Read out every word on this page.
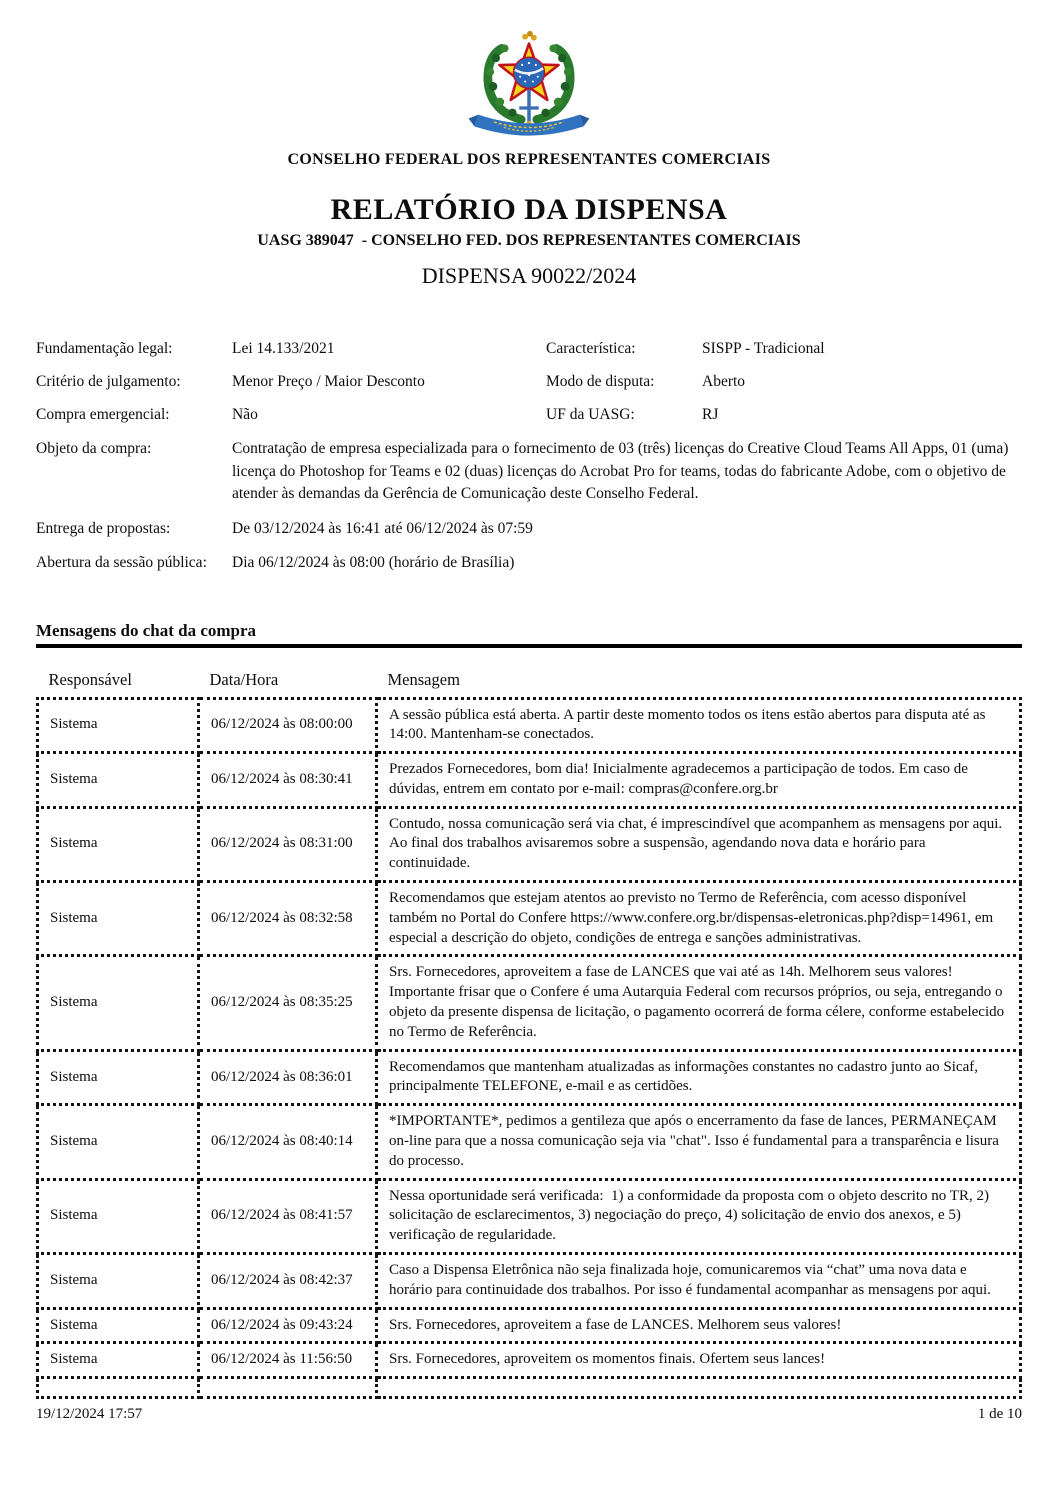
CONSELHO FEDERAL DOS REPRESENTANTES COMERCIAIS
RELATÓRIO DA DISPENSA
UASG 389047  - CONSELHO FED. DOS REPRESENTANTES COMERCIAIS
DISPENSA 90022/2024
Fundamentação legal:	Lei 14.133/2021	Característica:	SISPP - Tradicional
Critério de julgamento:	Menor Preço / Maior Desconto	Modo de disputa:	Aberto
Compra emergencial:	Não	UF da UASG:	RJ
Objeto da compra:	Contratação de empresa especializada para o fornecimento de 03 (três) licenças do Creative Cloud Teams All Apps, 01 (uma) licença do Photoshop for Teams e 02 (duas) licenças do Acrobat Pro for teams, todas do fabricante Adobe, com o objetivo de atender às demandas da Gerência de Comunicação deste Conselho Federal.
Entrega de propostas:	De 03/12/2024 às 16:41 até 06/12/2024 às 07:59
Abertura da sessão pública:	Dia 06/12/2024 às 08:00 (horário de Brasília)
Mensagens do chat da compra
Responsável	Data/Hora	Mensagem
Sistema	06/12/2024 às 08:00:00	A sessão pública está aberta. A partir deste momento todos os itens estão abertos para disputa até as 14:00. Mantenham-se conectados.
Sistema	06/12/2024 às 08:30:41	Prezados Fornecedores, bom dia! Inicialmente agradecemos a participação de todos. Em caso de dúvidas, entrem em contato por e-mail: compras@confere.org.br
Sistema	06/12/2024 às 08:31:00	Contudo, nossa comunicação será via chat, é imprescindível que acompanhem as mensagens por aqui. Ao final dos trabalhos avisaremos sobre a suspensão, agendando nova data e horário para continuidade.
Sistema	06/12/2024 às 08:32:58	Recomendamos que estejam atentos ao previsto no Termo de Referência, com acesso disponível também no Portal do Confere https://www.confere.org.br/dispensas-eletronicas.php?disp=14961, em especial a descrição do objeto, condições de entrega e sanções administrativas.
Sistema	06/12/2024 às 08:35:25	Srs. Fornecedores, aproveitem a fase de LANCES que vai até as 14h. Melhorem seus valores! Importante frisar que o Confere é uma Autarquia Federal com recursos próprios, ou seja, entregando o objeto da presente dispensa de licitação, o pagamento ocorrerá de forma célere, conforme estabelecido no Termo de Referência.
Sistema	06/12/2024 às 08:36:01	Recomendamos que mantenham atualizadas as informações constantes no cadastro junto ao Sicaf, principalmente TELEFONE, e-mail e as certidões.
Sistema	06/12/2024 às 08:40:14	*IMPORTANTE*, pedimos a gentileza que após o encerramento da fase de lances, PERMANEÇAM on-line para que a nossa comunicação seja via "chat". Isso é fundamental para a transparência e lisura do processo.
Sistema	06/12/2024 às 08:41:57	Nessa oportunidade será verificada:  1) a conformidade da proposta com o objeto descrito no TR, 2) solicitação de esclarecimentos, 3) negociação do preço, 4) solicitação de envio dos anexos, e 5) verificação de regularidade.
Sistema	06/12/2024 às 08:42:37	Caso a Dispensa Eletrônica não seja finalizada hoje, comunicaremos via “chat” uma nova data e horário para continuidade dos trabalhos. Por isso é fundamental acompanhar as mensagens por aqui.
Sistema	06/12/2024 às 09:43:24	Srs. Fornecedores, aproveitem a fase de LANCES. Melhorem seus valores!
Sistema	06/12/2024 às 11:56:50	Srs. Fornecedores, aproveitem os momentos finais. Ofertem seus lances!

19/12/2024 17:57	1 de 10
